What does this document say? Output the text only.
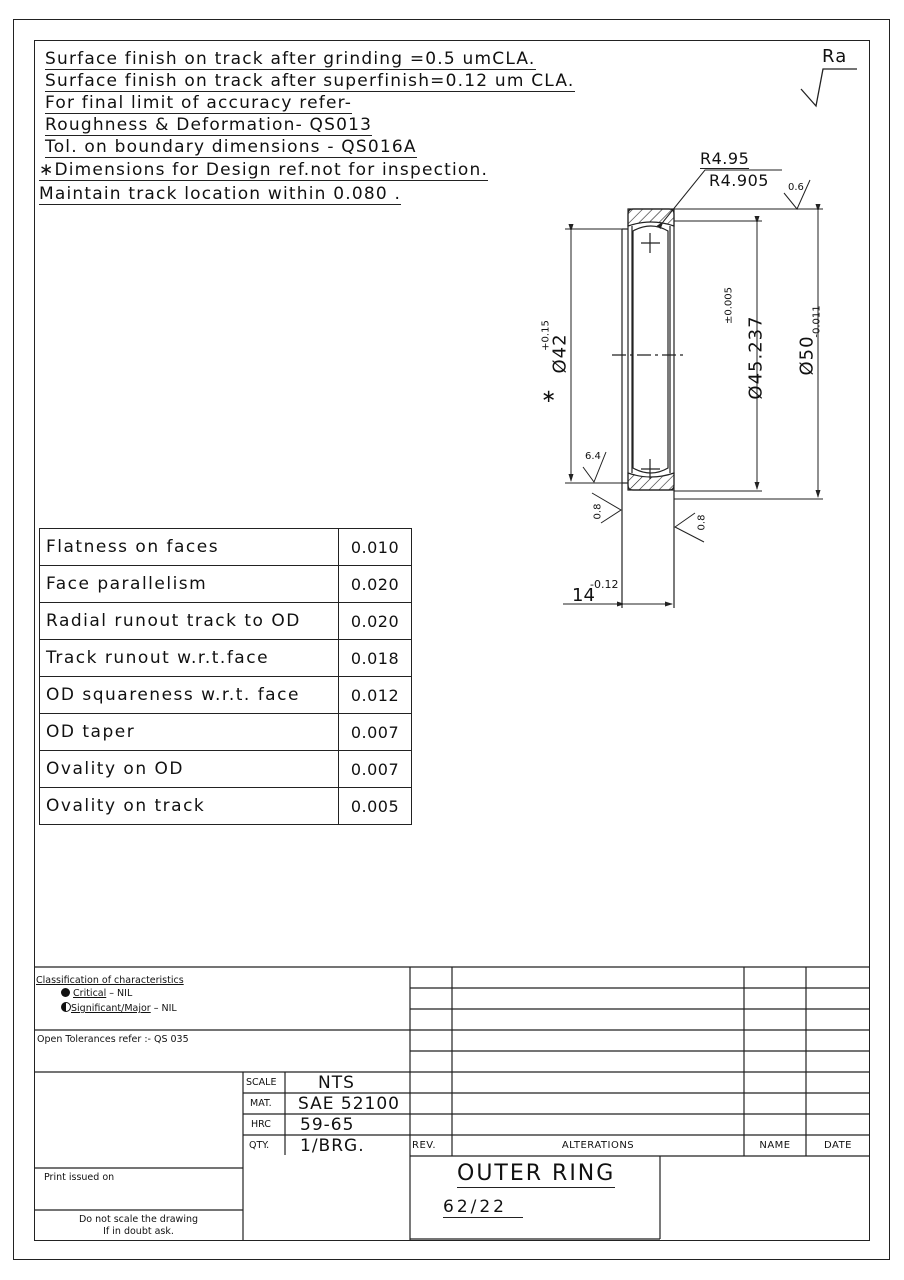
Surface finish on track after grinding =0.5 umCLA.
Surface finish on track after superfinish=0.12 um CLA.
For final limit of accuracy refer-
Roughness & Deformation- QS013
Tol. on boundary dimensions - QS016A
∗Dimensions for Design ref.not for inspection.
Maintain track location within 0.080 .
Ra
R4.95
R4.905 0.6
6.4
0.8
0.8
Ø42
+0.15
∗	Ø45.237
±0.005
Ø50
-0.011
14
-0.12
Flatness on faces	0.010
Face parallelism	0.020
Radial runout track to OD	0.020
Track runout w.r.t.face	0.018
OD squareness w.r.t. face	0.012
OD taper	0.007
Ovality on OD	0.007
Ovality on track	0.005
Classification of characteristics
Critical – NIL
Significant/Major – NIL
Open Tolerances refer :- QS 035
SCALE NTS
MAT. SAE 52100
HRC 59-65
QTY. 1/BRG.
Print issued on
Do not scale the drawing
If in doubt ask.
REV.	ALTERATIONS	NAME	DATE
OUTER RING
62/22
